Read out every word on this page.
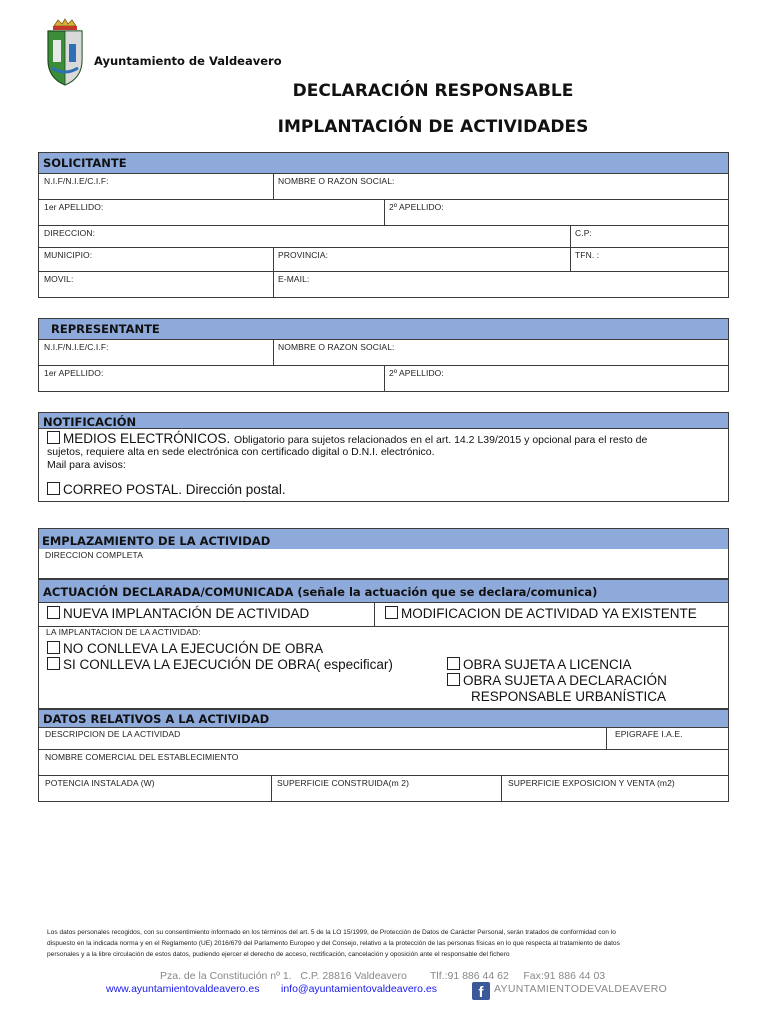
Ayuntamiento de Valdeavero
DECLARACIÓN RESPONSABLE
IMPLANTACIÓN DE ACTIVIDADES
SOLICITANTE
N.I.F/N.I.E/C.I.F:	NOMBRE O RAZON SOCIAL:
1er APELLIDO:	2º APELLIDO:
DIRECCION:	C.P:
MUNICIPIO:	PROVINCIA:	TFN. :
MOVIL:	E-MAIL:
REPRESENTANTE
N.I.F/N.I.E/C.I.F:	NOMBRE O RAZON SOCIAL:
1er APELLIDO:	2º APELLIDO:
NOTIFICACIÓN
MEDIOS ELECTRÓNICOS. Obligatorio para sujetos relacionados en el art. 14.2 L39/2015 y opcional para el resto de
sujetos, requiere alta en sede electrónica con certificado digital o D.N.I. electrónico.
Mail para avisos:
CORREO POSTAL. Dirección postal.
EMPLAZAMIENTO DE LA ACTIVIDAD
DIRECCION COMPLETA
ACTUACIÓN DECLARADA/COMUNICADA (señale la actuación que se declara/comunica)
NUEVA IMPLANTACIÓN DE ACTIVIDAD	MODIFICACION DE ACTIVIDAD YA EXISTENTE
LA IMPLANTACION DE LA ACTIVIDAD:
NO CONLLEVA LA EJECUCIÓN DE OBRA
SI CONLLEVA LA EJECUCIÓN DE OBRA( especificar)	OBRA SUJETA A LICENCIA
OBRA SUJETA A DECLARACIÓN
RESPONSABLE URBANÍSTICA
DATOS RELATIVOS A LA ACTIVIDAD
DESCRIPCION DE LA ACTIVIDAD	EPIGRAFE I.A.E.
NOMBRE COMERCIAL DEL ESTABLECIMIENTO
POTENCIA INSTALADA (W)	SUPERFICIE CONSTRUIDA(m 2)	SUPERFICIE EXPOSICION Y VENTA (m2)
Los datos personales recogidos, con su consentimiento informado en los términos del art. 5 de la LO 15/1999, de Protección de Datos de Carácter Personal, serán tratados de conformidad con lo
dispuesto en la indicada norma y en el Reglamento (UE) 2016/679 del Parlamento Europeo y del Consejo, relativo a la protección de las personas físicas en lo que respecta al tratamiento de datos
personales y a la libre circulación de estos datos, pudiendo ejercer el derecho de acceso, rectificación, cancelación y oposición ante el responsable del fichero
Pza. de la Constitución nº 1.   C.P. 28816 Valdeavero        Tlf.:91 886 44 62     Fax:91 886 44 03
www.ayuntamientovaldeavero.es info@ayuntamientovaldeavero.es	f	AYUNTAMIENTODEVALDEAVERO
